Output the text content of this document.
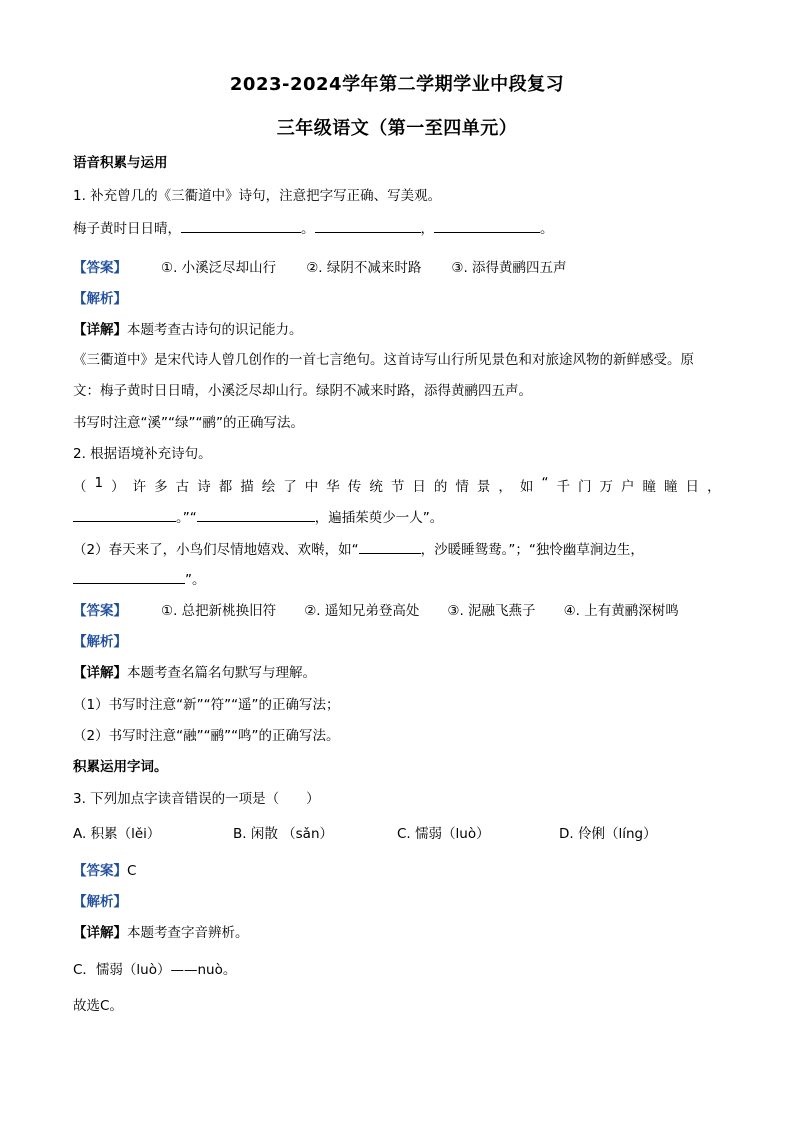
2023-2024学年第二学期学业中段复习
三年级语文（第一至四单元）
语音积累与运用
1. 补充曾几的《三衢道中》诗句，注意把字写正确、写美观。
梅子黄时日日晴，	。	，	。
【答案】	①. 小溪泛尽却山行 ②. 绿阴不减来时路 ③. 添得黄鹂四五声
【解析】
【详解】本题考查古诗句的识记能力。
《三衢道中》是宋代诗人曾几创作的一首七言绝句。这首诗写山行所见景色和对旅途风物的新鲜感受。原
文：梅子黄时日日晴，小溪泛尽却山行。绿阴不减来时路，添得黄鹂四五声。
书写时注意“溪”“绿”“鹂”的正确写法。
2. 根据语境补充诗句。
（ 1 ） 许 多 古 诗 都 描 绘 了 中 华 传 统 节 日 的 情 景 ， 如 “ 千 门 万 户 瞳 瞳 日 ，
。”“	，遍插茱萸少一人”。
（2）春天来了，小鸟们尽情地嬉戏、欢啭，如“	，沙暖睡鸳鸯。”；“独怜幽草涧边生，
”。
【答案】	①. 总把新桃换旧符 ②. 遥知兄弟登高处 ③. 泥融飞燕子 ④. 上有黄鹂深树鸣
【解析】
【详解】本题考查名篇名句默写与理解。
（1）书写时注意“新”“符”“遥”的正确写法；
（2）书写时注意“融”“鹂”“鸣”的正确写法。
积累运用字词。
3. 下列加点字读音错误的一项是（　　）
A. 积累（lěi）	B. 闲散 （sǎn）	C. 懦弱（luò）	D. 伶俐（líng）
【答案】C
【解析】
【详解】本题考查字音辨析。
C．懦弱（luò）——nuò。
故选C。
